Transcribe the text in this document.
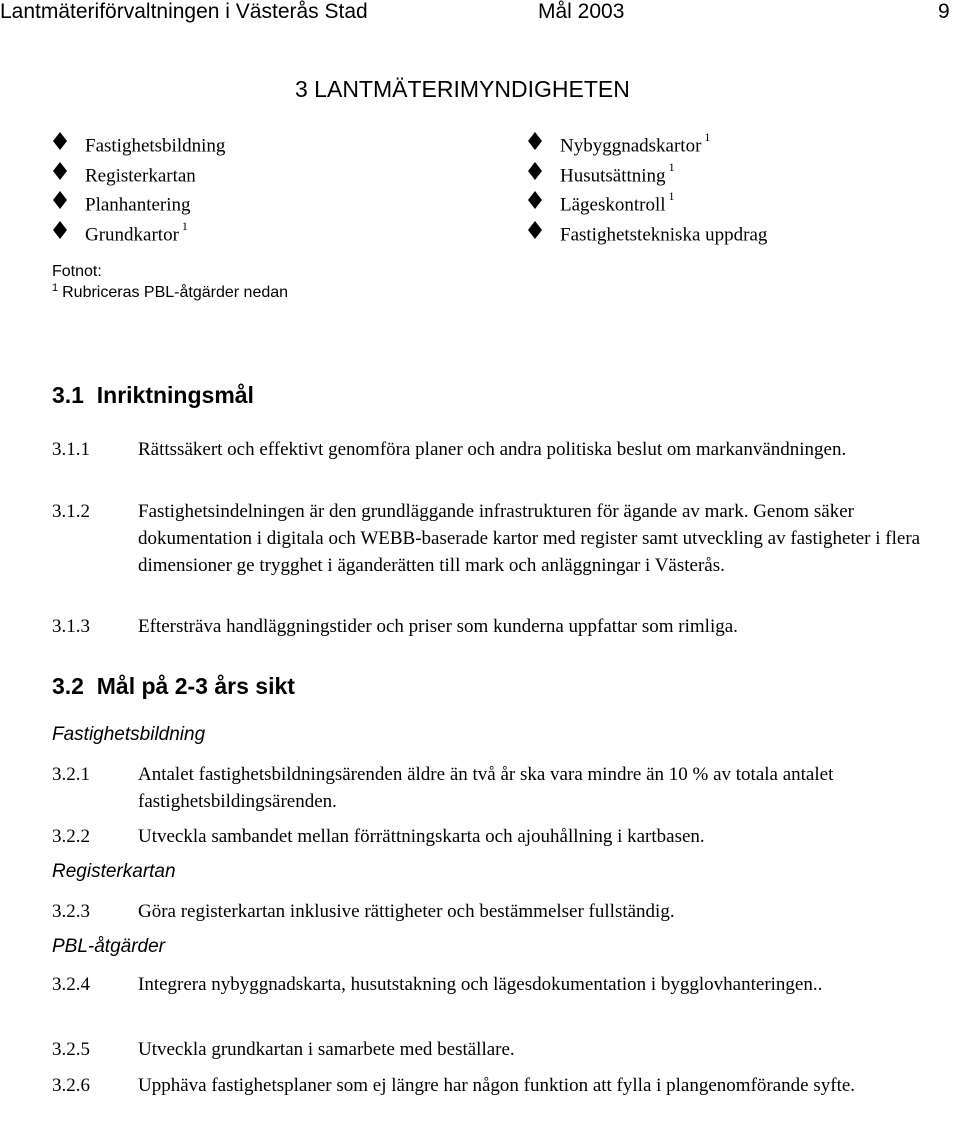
Lantmäteriförvaltningen i Västerås Stad	Mål 2003	9
3 LANTMÄTERIMYNDIGHETEN
Fastighetsbildning
Registerkartan
Planhantering
Grundkartor $^1$
Nybyggnadskartor $^1$
Husutsättning $^1$
Lägeskontroll $^1$
Fastighetstekniska uppdrag
Fotnot:
$^1$ Rubriceras PBL-åtgärder nedan
3.1  Inriktningsmål
3.1.1	Rättssäkert och effektivt genomföra planer och andra politiska beslut om markanvändningen.
3.1.2	Fastighetsindelningen är den grundläggande infrastrukturen för ägande av mark. Genom säker dokumentation i digitala och WEBB-baserade kartor med register samt utveckling av fastigheter i flera dimensioner ge trygghet i äganderätten till mark och anläggningar i Västerås.
3.1.3	Eftersträva handläggningstider och priser som kunderna uppfattar som rimliga.
3.2  Mål på 2-3 års sikt
Fastighetsbildning
3.2.1	Antalet fastighetsbildningsärenden äldre än två år ska vara mindre än 10 % av totala antalet fastighetsbildingsärenden.
3.2.2	Utveckla sambandet mellan förrättningskarta och ajouhållning i kartbasen.
Registerkartan
3.2.3	Göra registerkartan inklusive rättigheter och bestämmelser fullständig.
PBL-åtgärder
3.2.4	Integrera nybyggnadskarta, husutstakning och lägesdokumentation i bygglovhanteringen..
3.2.5	Utveckla grundkartan i samarbete med beställare.
3.2.6	Upphäva fastighetsplaner som ej längre har någon funktion att fylla i plangenomförande syfte.
